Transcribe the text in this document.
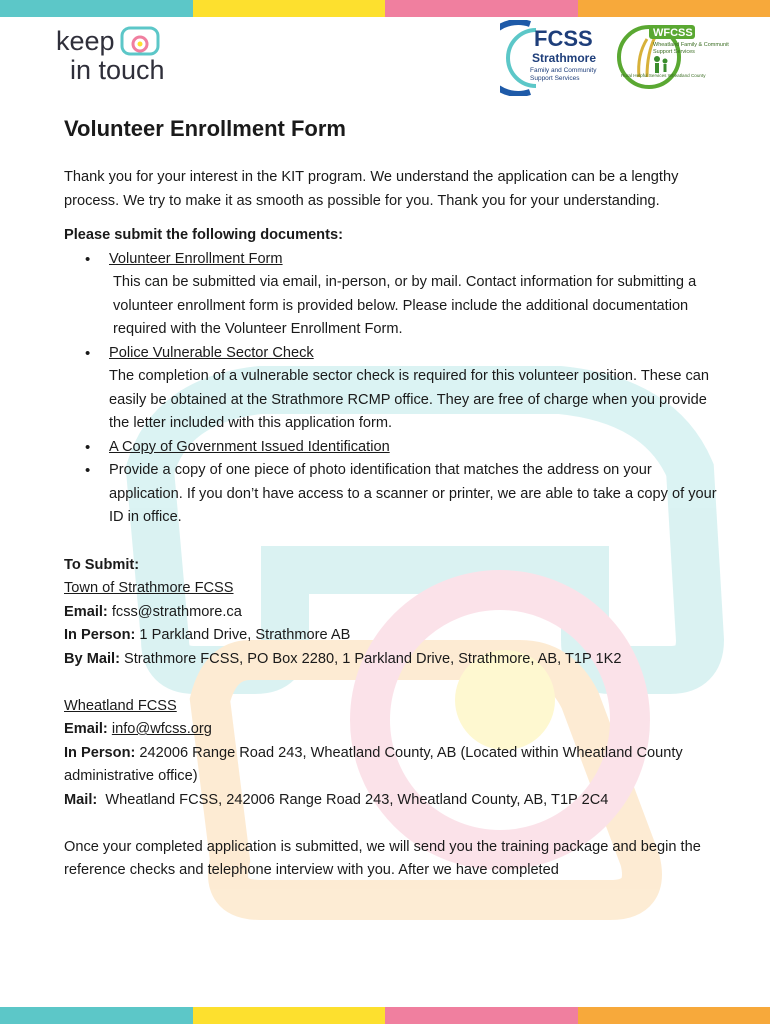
keep
in touch
FCSS
Strathmore
Family and Community
Support Services
WFCSS
Wheatland Family & Community
Support Services
Rural Helpful Services Wheatland County
Volunteer Enrollment Form

Thank you for your interest in the KIT program. We understand the application can be a lengthy process. We try to make it as smooth as possible for you. Thank you for your understanding.

Please submit the following documents:

• Volunteer Enrollment Form

This can be submitted via email, in-person, or by mail. Contact information for submitting a volunteer enrollment form is provided below. Please include the additional documentation required with the Volunteer Enrollment Form.
• Police Vulnerable Sector Check
The completion of a vulnerable sector check is required for this volunteer position. These can easily be obtained at the Strathmore RCMP office. They are free of charge when you provide the letter included with this application form.
• A Copy of Government Issued Identification
• Provide a copy of one piece of photo identification that matches the address on your application. If you don’t have access to a scanner or printer, we are able to take a copy of your ID in office.

To Submit:

Town of Strathmore FCSS

Email: fcss@strathmore.ca

In Person: 1 Parkland Drive, Strathmore AB

By Mail: Strathmore FCSS, PO Box 2280, 1 Parkland Drive, Strathmore, AB, T1P 1K2

Wheatland FCSS

Email: info@wfcss.org

In Person: 242006 Range Road 243, Wheatland County, AB (Located within Wheatland County administrative office)

Mail: Wheatland FCSS, 242006 Range Road 243, Wheatland County, AB, T1P 2C4

Once your completed application is submitted, we will send you the training package and begin the reference checks and telephone interview with you. After we have completed
